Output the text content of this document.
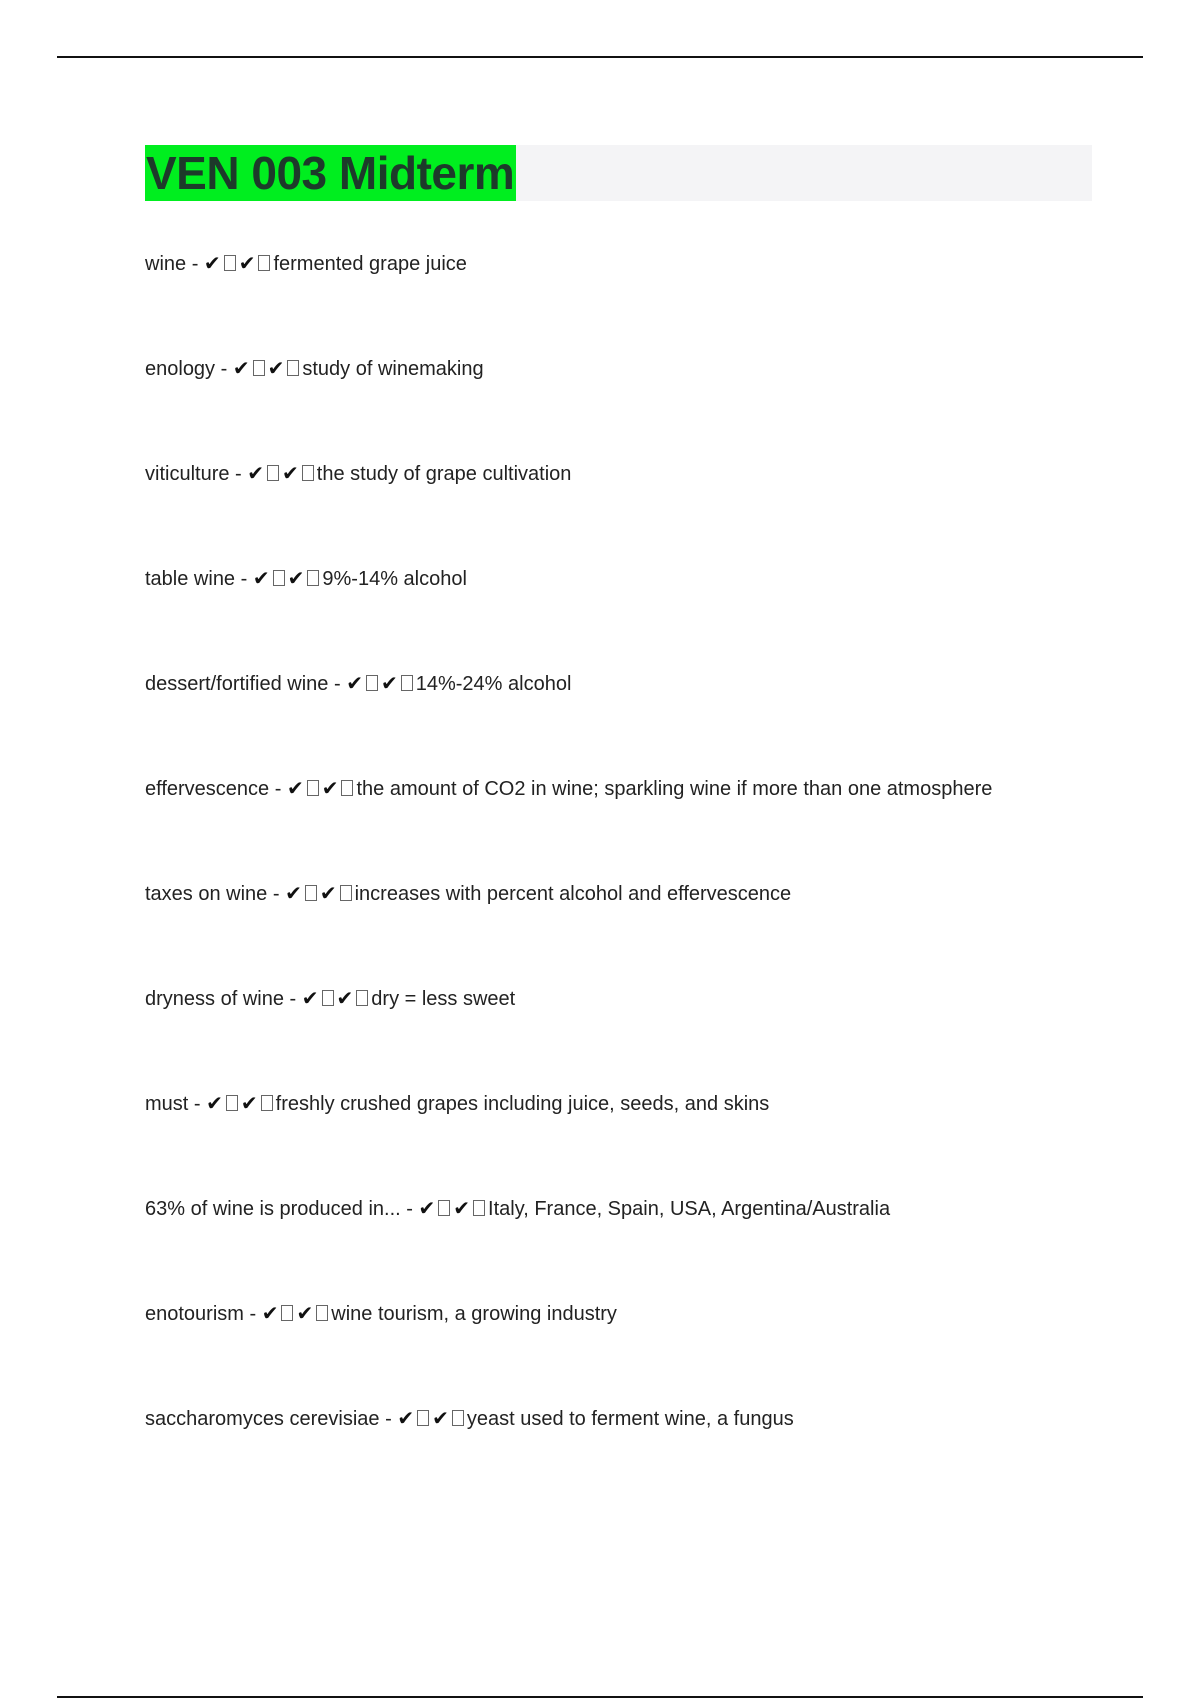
VEN 003 Midterm
wine - ✔ ✔ fermented grape juice
enology - ✔ ✔ study of winemaking
viticulture - ✔ ✔ the study of grape cultivation
table wine - ✔ ✔ 9%-14% alcohol
dessert/fortified wine - ✔ ✔ 14%-24% alcohol
effervescence - ✔ ✔ the amount of CO2 in wine; sparkling wine if more than one atmosphere
taxes on wine - ✔ ✔ increases with percent alcohol and effervescence
dryness of wine - ✔ ✔ dry = less sweet
must - ✔ ✔ freshly crushed grapes including juice, seeds, and skins
63% of wine is produced in... - ✔ ✔ Italy, France, Spain, USA, Argentina/Australia
enotourism - ✔ ✔ wine tourism, a growing industry
saccharomyces cerevisiae - ✔ ✔ yeast used to ferment wine, a fungus
